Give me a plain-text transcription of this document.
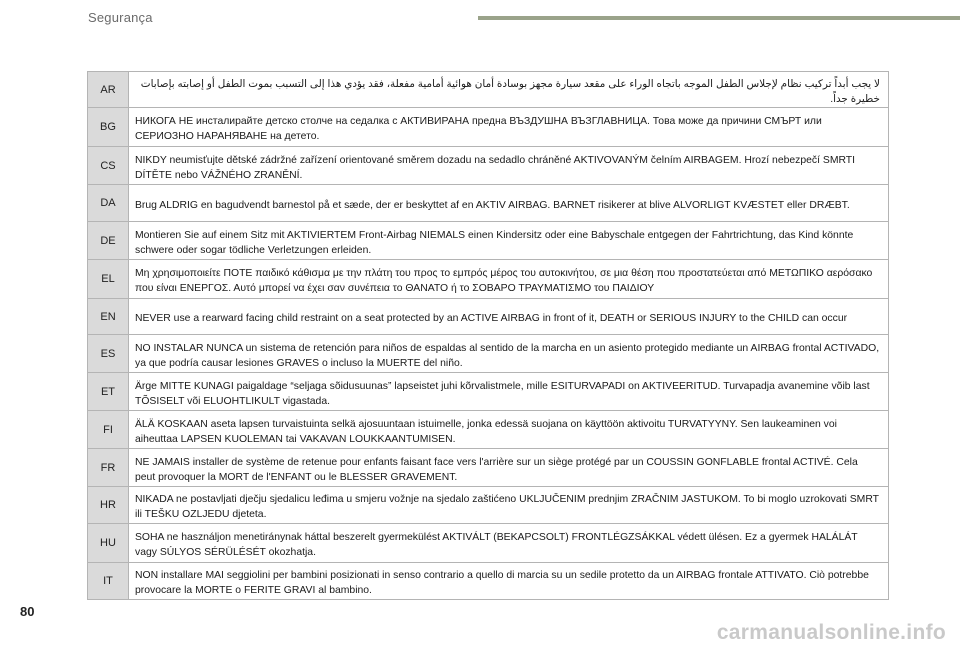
Segurança
AR	لا يجب أبداً تركيب نظام لإجلاس الطفل الموجه باتجاه الوراء على مقعد سيارة مجهز بوسادة أمان هوائية أمامية مفعلة، فقد يؤدي هذا إلى التسبب بموت الطفل أو إصابته بإصابات خطيرة جداً.
BG	НИКОГА НЕ инсталирайте детско столче на седалка с АКТИВИРАНА предна ВЪЗДУШНА ВЪЗГЛАВНИЦА. Това може да причини СМЪРТ или СЕРИОЗНО НАРАНЯВАНЕ на детето.
CS	NIKDY neumisťujte dětské zádržné zařízení orientované směrem dozadu na sedadlo chráněné AKTIVOVANÝM čelním AIRBAGEM. Hrozí nebezpečí SMRTI DÍTĚTE nebo VÁŽNÉHO ZRANĚNÍ.
DA	Brug ALDRIG en bagudvendt barnestol på et sæde, der er beskyttet af en AKTIV AIRBAG. BARNET risikerer at blive ALVORLIGT KVÆSTET eller DRÆBT.
DE	Montieren Sie auf einem Sitz mit AKTIVIERTEM Front-Airbag NIEMALS einen Kindersitz oder eine Babyschale entgegen der Fahrtrichtung, das Kind könnte schwere oder sogar tödliche Verletzungen erleiden.
EL	Μη χρησιμοποιείτε ΠΟΤΕ παιδικό κάθισμα με την πλάτη του προς το εμπρός μέρος του αυτοκινήτου, σε μια θέση που προστατεύεται από ΜΕΤΩΠΙΚΟ αερόσακο που είναι ΕΝΕΡΓΟΣ. Αυτό μπορεί να έχει σαν συνέπεια το ΘΑΝΑΤΟ ή το ΣΟΒΑΡΟ ΤΡΑΥΜΑΤΙΣΜΟ του ΠΑΙΔΙΟΥ
EN	NEVER use a rearward facing child restraint on a seat protected by an ACTIVE AIRBAG in front of it, DEATH or SERIOUS INJURY to the CHILD can occur
ES	NO INSTALAR NUNCA un sistema de retención para niños de espaldas al sentido de la marcha en un asiento protegido mediante un AIRBAG frontal ACTIVADO, ya que podría causar lesiones GRAVES o incluso la MUERTE del niño.
ET	Ärge MITTE KUNAGI paigaldage “seljaga sõidusuunas” lapseistet juhi kõrvalistmele, mille ESITURVAPADI on AKTIVEERITUD. Turvapadja avanemine võib last TÕSISELT või ELUOHTLIKULT vigastada.
FI	ÄLÄ KOSKAAN aseta lapsen turvaistuinta selkä ajosuuntaan istuimelle, jonka edessä suojana on käyttöön aktivoitu TURVATYYNY. Sen laukeaminen voi aiheuttaa LAPSEN KUOLEMAN tai VAKAVAN LOUKKAANTUMISEN.
FR	NE JAMAIS installer de système de retenue pour enfants faisant face vers l'arrière sur un siège protégé par un COUSSIN GONFLABLE frontal ACTIVÉ. Cela peut provoquer la MORT de l'ENFANT ou le BLESSER GRAVEMENT.
HR	NIKADA ne postavljati dječju sjedalicu leđima u smjeru vožnje na sjedalo zaštićeno UKLJUČENIM prednjim ZRAČNIM JASTUKOM. To bi moglo uzrokovati SMRT ili TEŠKU OZLJEDU djeteta.
HU	SOHA ne használjon menetiránynak háttal beszerelt gyermekülést AKTIVÁLT (BEKAPCSOLT) FRONTLÉGZSÁKKAL védett ülésen. Ez a gyermek HALÁLÁT vagy SÚLYOS SÉRÜLÉSÉT okozhatja.
IT	NON installare MAI seggiolini per bambini posizionati in senso contrario a quello di marcia su un sedile protetto da un AIRBAG frontale ATTIVATO. Ciò potrebbe provocare la MORTE o FERITE GRAVI al bambino.
80
carmanualsonline.info
